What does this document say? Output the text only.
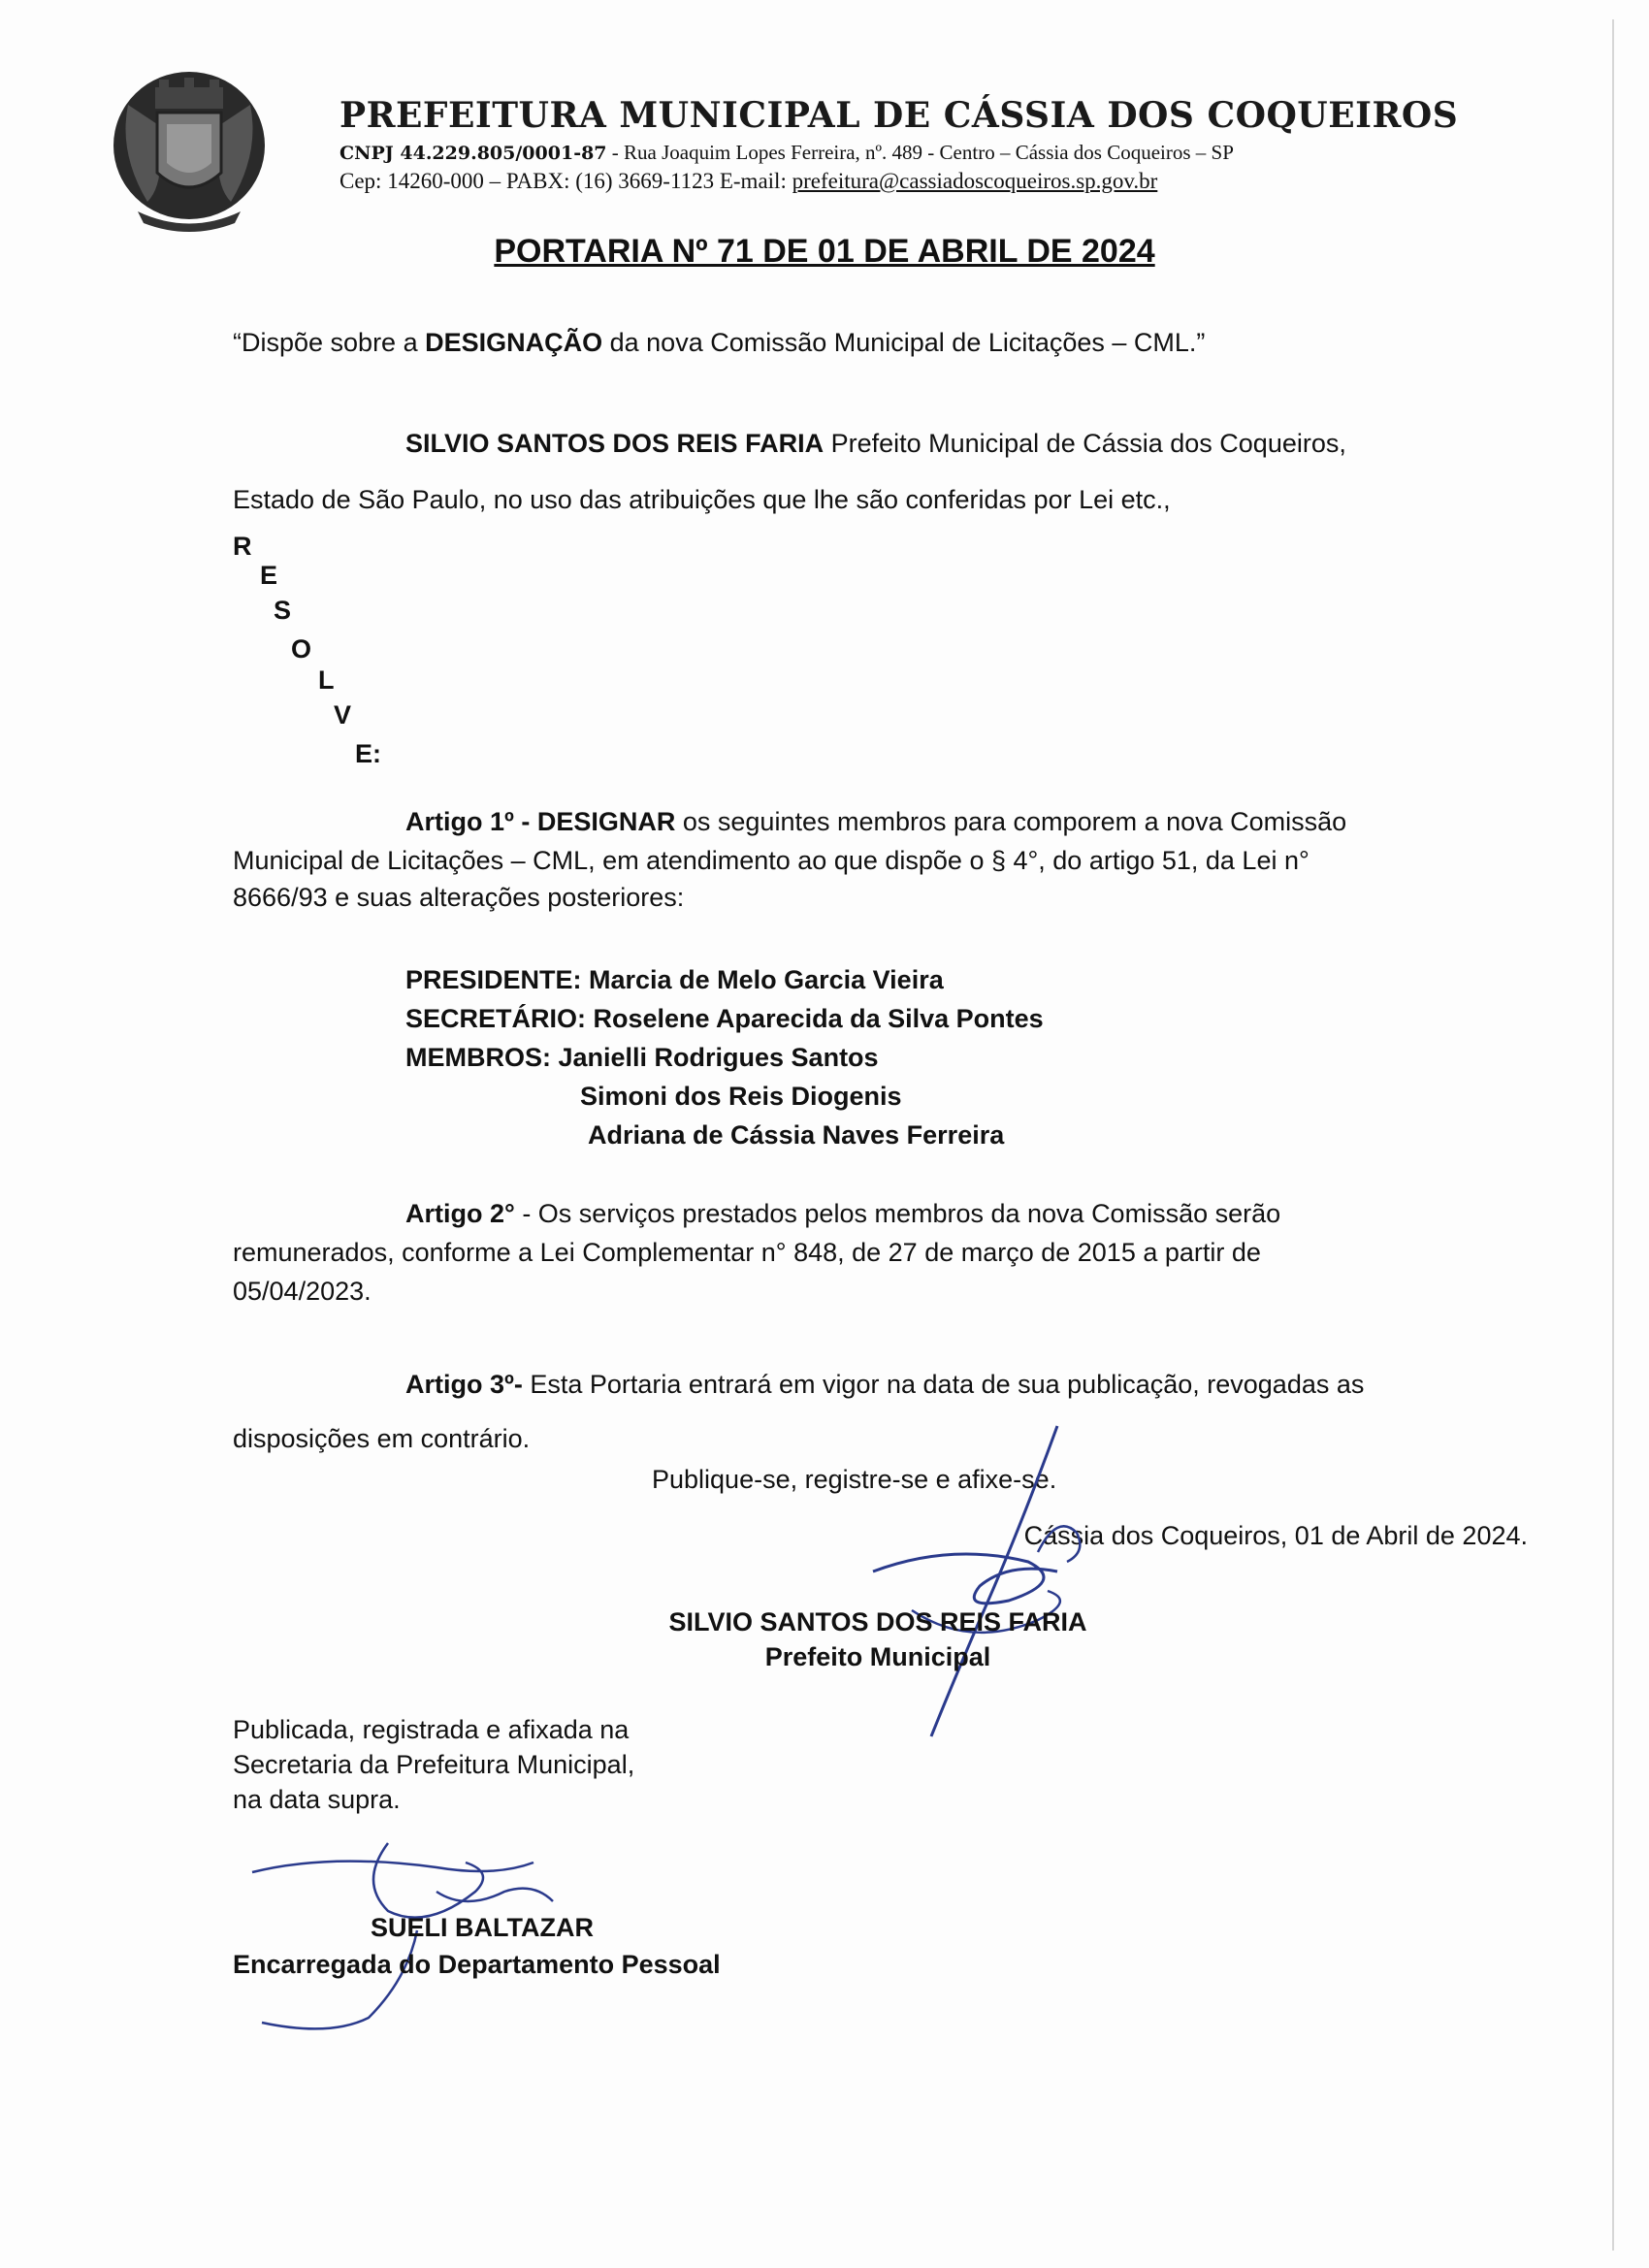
PREFEITURA MUNICIPAL DE CÁSSIA DOS COQUEIROS
CNPJ 44.229.805/0001-87 - Rua Joaquim Lopes Ferreira, nº. 489 - Centro – Cássia dos Coqueiros – SP
Cep: 14260-000 – PABX: (16) 3669-1123 E-mail: prefeitura@cassiadoscoqueiros.sp.gov.br
PORTARIA Nº 71 DE 01 DE ABRIL DE 2024
“Dispõe sobre a DESIGNAÇÃO da nova Comissão Municipal de Licitações – CML.”

SILVIO SANTOS DOS REIS FARIA Prefeito Municipal de Cássia dos Coqueiros,

Estado de São Paulo, no uso das atribuições que lhe são conferidas por Lei etc.,
R
E
S
O
L
V
E:

Artigo 1º - DESIGNAR os seguintes membros para comporem a nova Comissão

Municipal de Licitações – CML, em atendimento ao que dispõe o § 4°, do artigo 51, da Lei n°
8666/93 e suas alterações posteriores:
PRESIDENTE: Marcia de Melo Garcia Vieira
SECRETÁRIO: Roselene Aparecida da Silva Pontes
MEMBROS: Janielli Rodrigues Santos
Simoni dos Reis Diogenis
Adriana de Cássia Naves Ferreira

Artigo 2° - Os serviços prestados pelos membros da nova Comissão serão

remunerados, conforme a Lei Complementar n° 848, de 27 de março de 2015 a partir de
05/04/2023.

Artigo 3º- Esta Portaria entrará em vigor na data de sua publicação, revogadas as

disposições em contrário.
Publique-se, registre-se e afixe-se.
Cássia dos Coqueiros, 01 de Abril de 2024.
SILVIO SANTOS DOS REIS FARIA
Prefeito Municipal
Publicada, registrada e afixada na
Secretaria da Prefeitura Municipal,
na data supra.
SUELI BALTAZAR
Encarregada do Departamento Pessoal
